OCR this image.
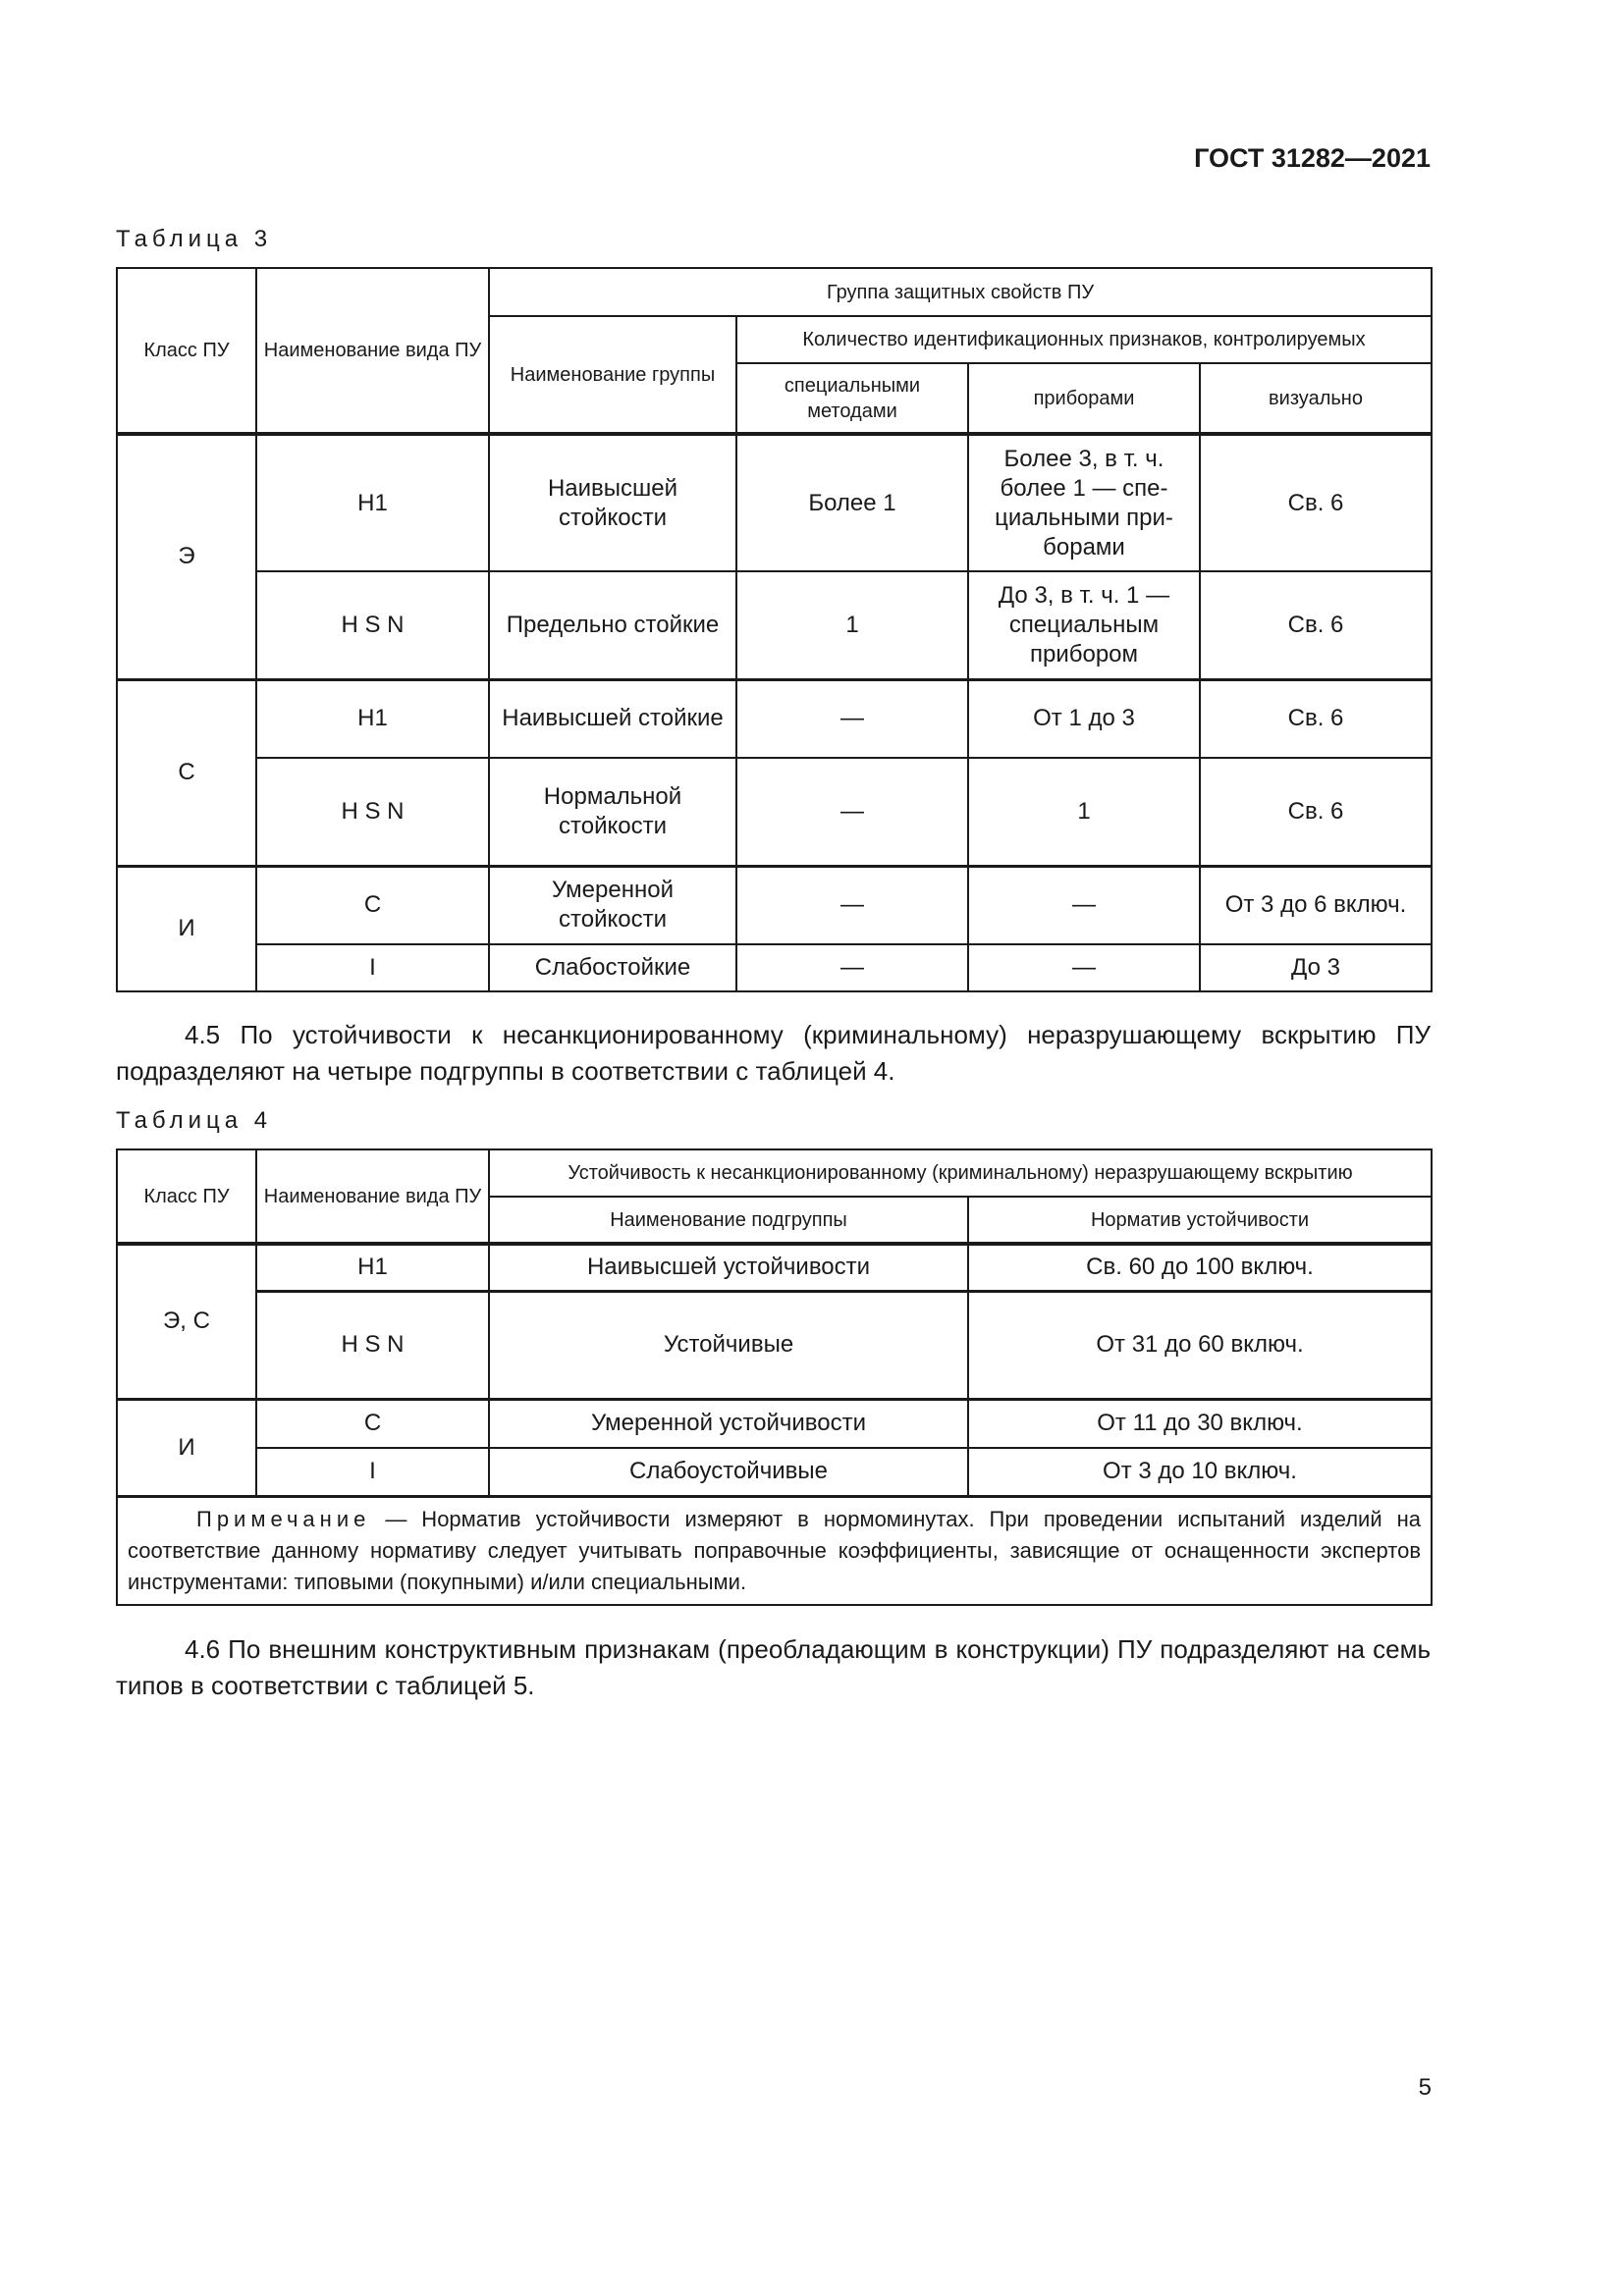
ГОСТ 31282—2021
Таблица 3
Класс ПУ	Наименование вида ПУ	Группа защитных свойств ПУ			
		Наименование группы	Количество идентификационных признаков, контролируемых		
			специальными методами	приборами	визуально
Э	H1	Наивысшей стойкости	Более 1	Более 3, в т. ч. более 1 — спе-циальными при-борами	Св. 6
	H S N	Предельно стойкие	1	До 3, в т. ч. 1 — специальным прибором	Св. 6
С	H1	Наивысшей стойкие	—	От 1 до 3	Св. 6
	H S N	Нормальной стойкости	—	1	Св. 6
И	C	Умеренной стойкости	—	—	От 3 до 6 включ.
	I	Слабостойкие	—	—	До 3
4.5 По устойчивости к несанкционированному (криминальному) неразрушающему вскрытию ПУ подразделяют на четыре подгруппы в соответствии с таблицей 4.
Таблица 4
Класс ПУ	Наименование вида ПУ	Устойчивость к несанкционированному (криминальному) неразрушающему вскрытию	
		Наименование подгруппы	Норматив устойчивости
Э, С	H1	Наивысшей устойчивости	Св. 60 до 100 включ.
	H S N	Устойчивые	От 31 до 60 включ.
И	C	Умеренной устойчивости	От 11 до 30 включ.
	I	Слабоустойчивые	От 3 до 10 включ.
Примечание — Норматив устойчивости измеряют в нормоминутах. При проведении испытаний изделий на соответствие данному нормативу следует учитывать поправочные коэффициенты, зависящие от оснащенности экспертов инструментами: типовыми (покупными) и/или специальными.			
4.6 По внешним конструктивным признакам (преобладающим в конструкции) ПУ подразделяют на семь типов в соответствии с таблицей 5.
5
